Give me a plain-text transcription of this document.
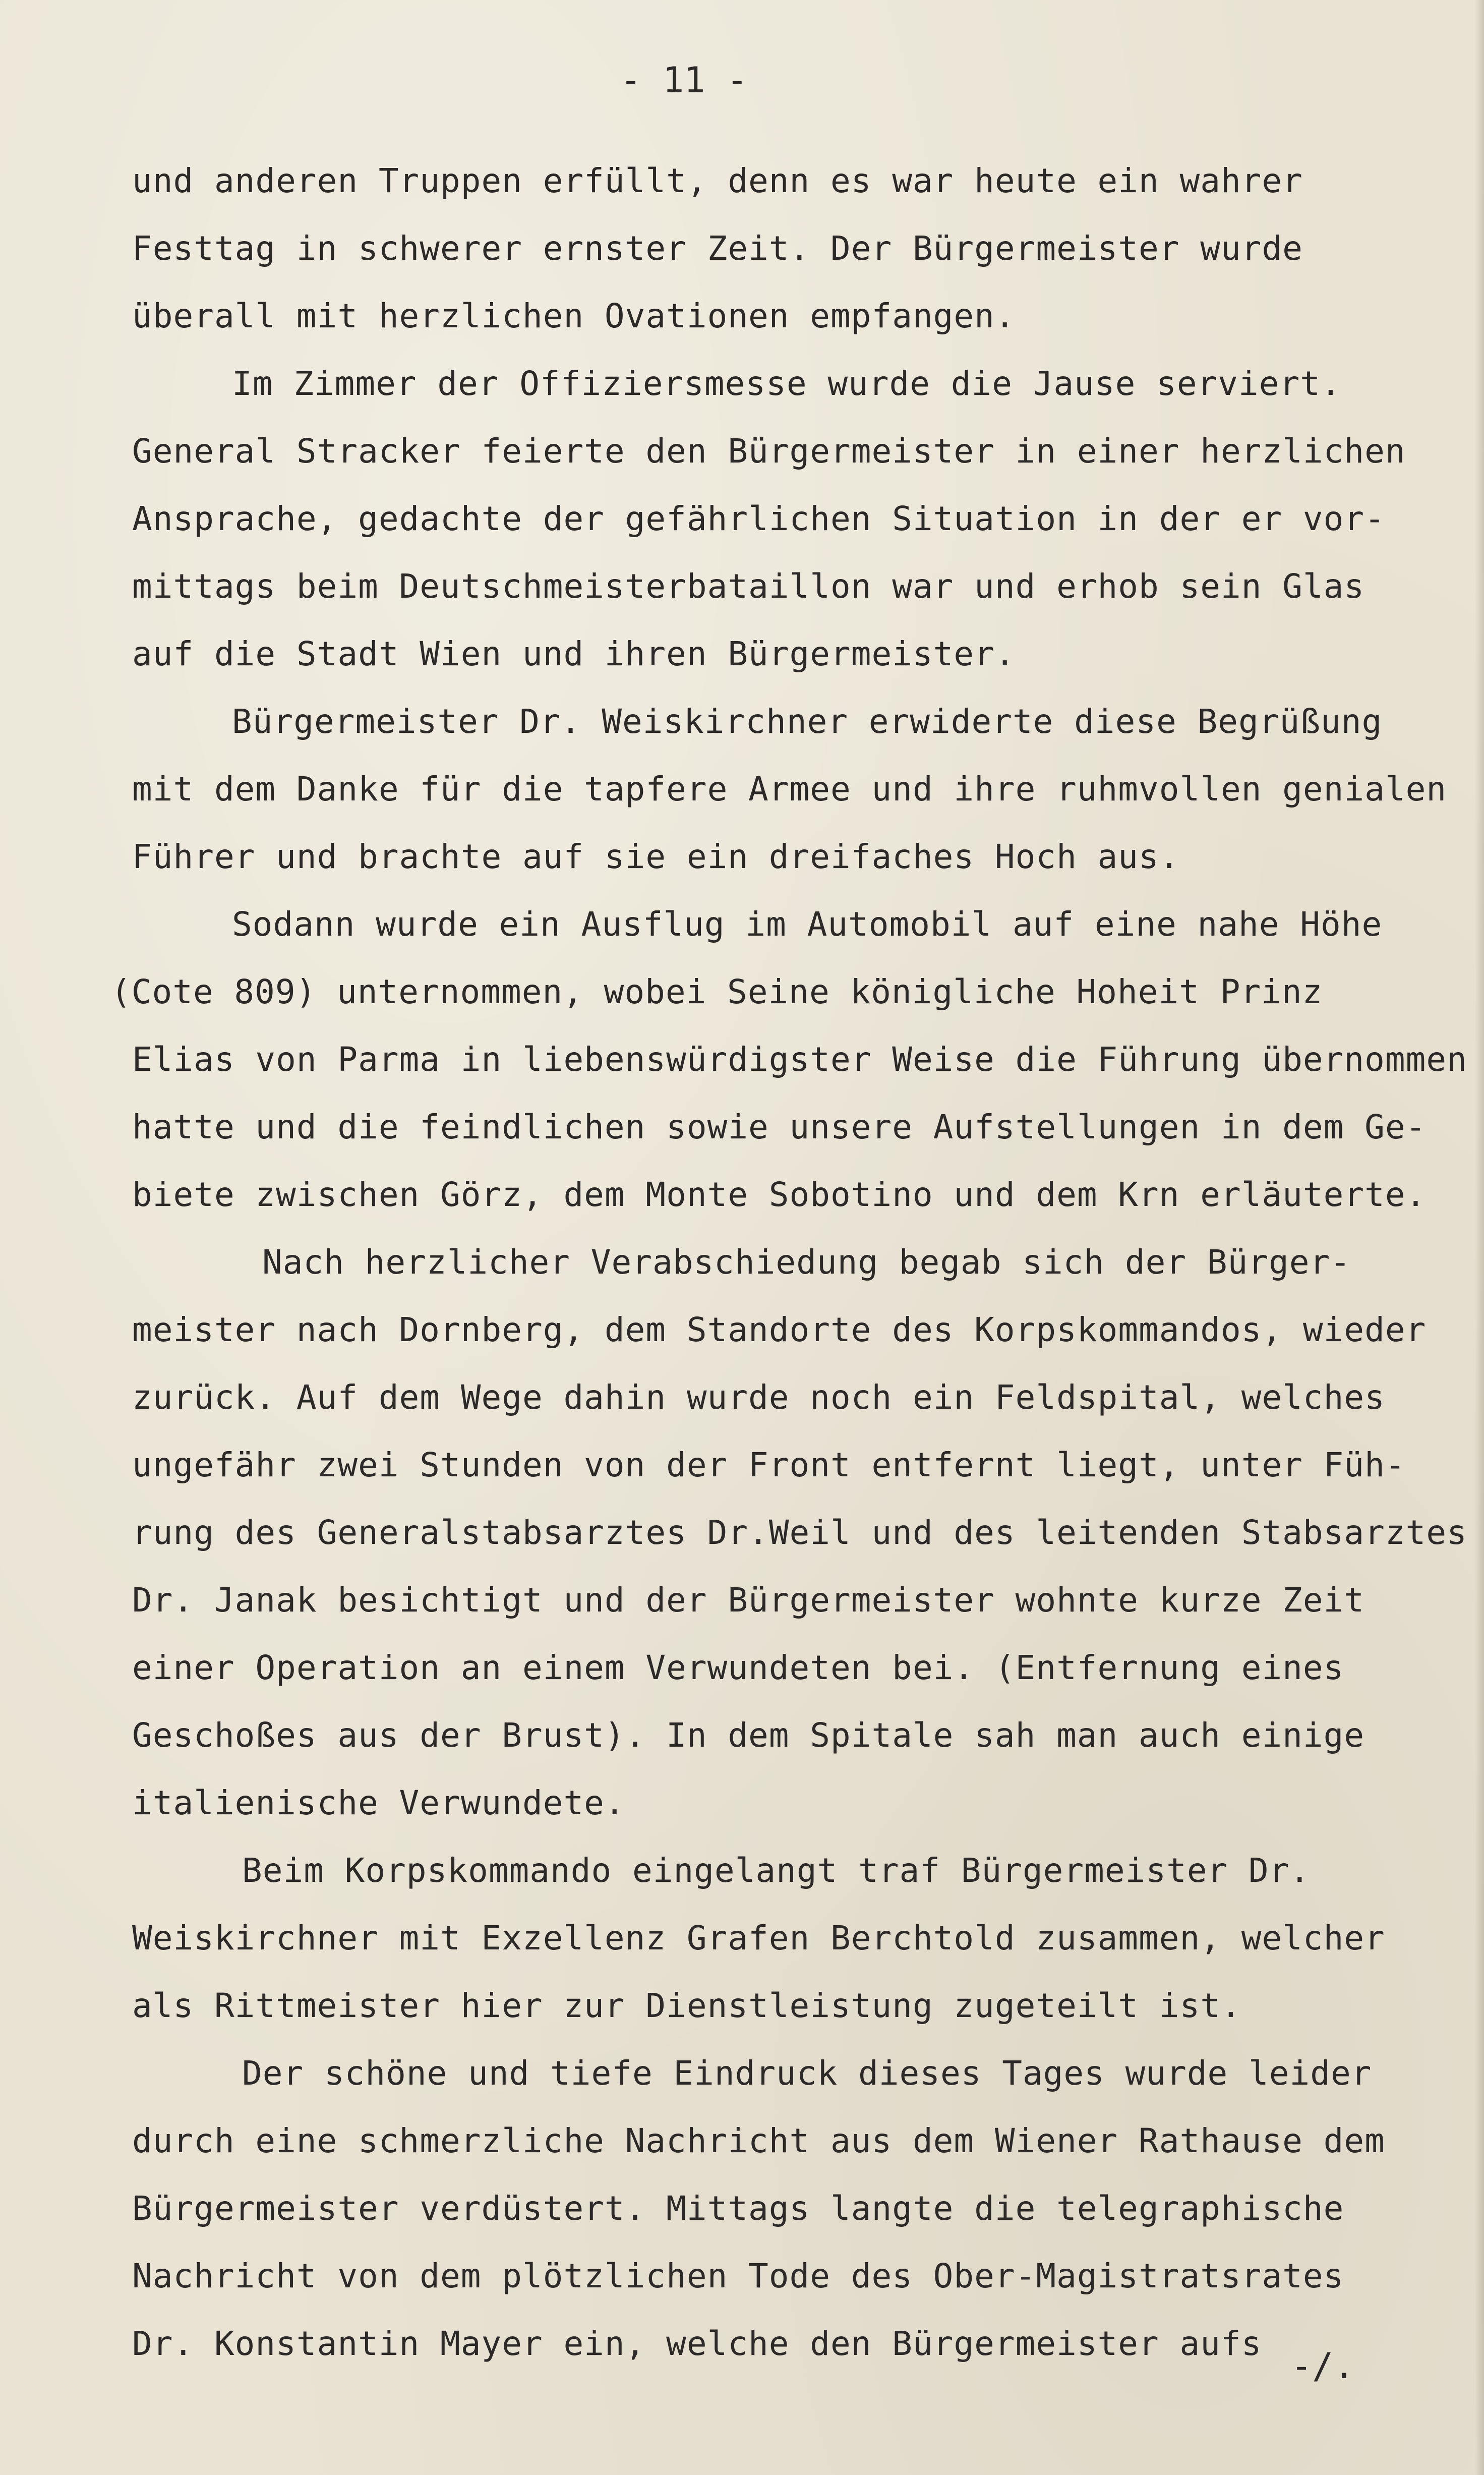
- 11 -
und anderen Truppen erfüllt, denn es war heute ein wahrer
Festtag in schwerer ernster Zeit. Der Bürgermeister wurde
überall mit herzlichen Ovationen empfangen.
Im Zimmer der Offiziersmesse wurde die Jause serviert.
General Stracker feierte den Bürgermeister in einer herzlichen
Ansprache, gedachte der gefährlichen Situation in der er vor-
mittags beim Deutschmeisterbataillon war und erhob sein Glas
auf die Stadt Wien und ihren Bürgermeister.
Bürgermeister Dr. Weiskirchner erwiderte diese Begrüßung
mit dem Danke für die tapfere Armee und ihre ruhmvollen genialen
Führer und brachte auf sie ein dreifaches Hoch aus.
Sodann wurde ein Ausflug im Automobil auf eine nahe Höhe
(Cote 809) unternommen, wobei Seine königliche Hoheit Prinz
Elias von Parma in liebenswürdigster Weise die Führung übernommen
hatte und die feindlichen sowie unsere Aufstellungen in dem Ge-
biete zwischen Görz, dem Monte Sobotino und dem Krn erläuterte.
Nach herzlicher Verabschiedung begab sich der Bürger-
meister nach Dornberg, dem Standorte des Korpskommandos, wieder
zurück. Auf dem Wege dahin wurde noch ein Feldspital, welches
ungefähr zwei Stunden von der Front entfernt liegt, unter Füh-
rung des Generalstabsarztes Dr.Weil und des leitenden Stabsarztes
Dr. Janak besichtigt und der Bürgermeister wohnte kurze Zeit
einer Operation an einem Verwundeten bei. (Entfernung eines
Geschoßes aus der Brust). In dem Spitale sah man auch einige
italienische Verwundete.
Beim Korpskommando eingelangt traf Bürgermeister Dr.
Weiskirchner mit Exzellenz Grafen Berchtold zusammen, welcher
als Rittmeister hier zur Dienstleistung zugeteilt ist.
Der schöne und tiefe Eindruck dieses Tages wurde leider
durch eine schmerzliche Nachricht aus dem Wiener Rathause dem
Bürgermeister verdüstert. Mittags langte die telegraphische
Nachricht von dem plötzlichen Tode des Ober-Magistratsrates
Dr. Konstantin Mayer ein, welche den Bürgermeister aufs
-/.
